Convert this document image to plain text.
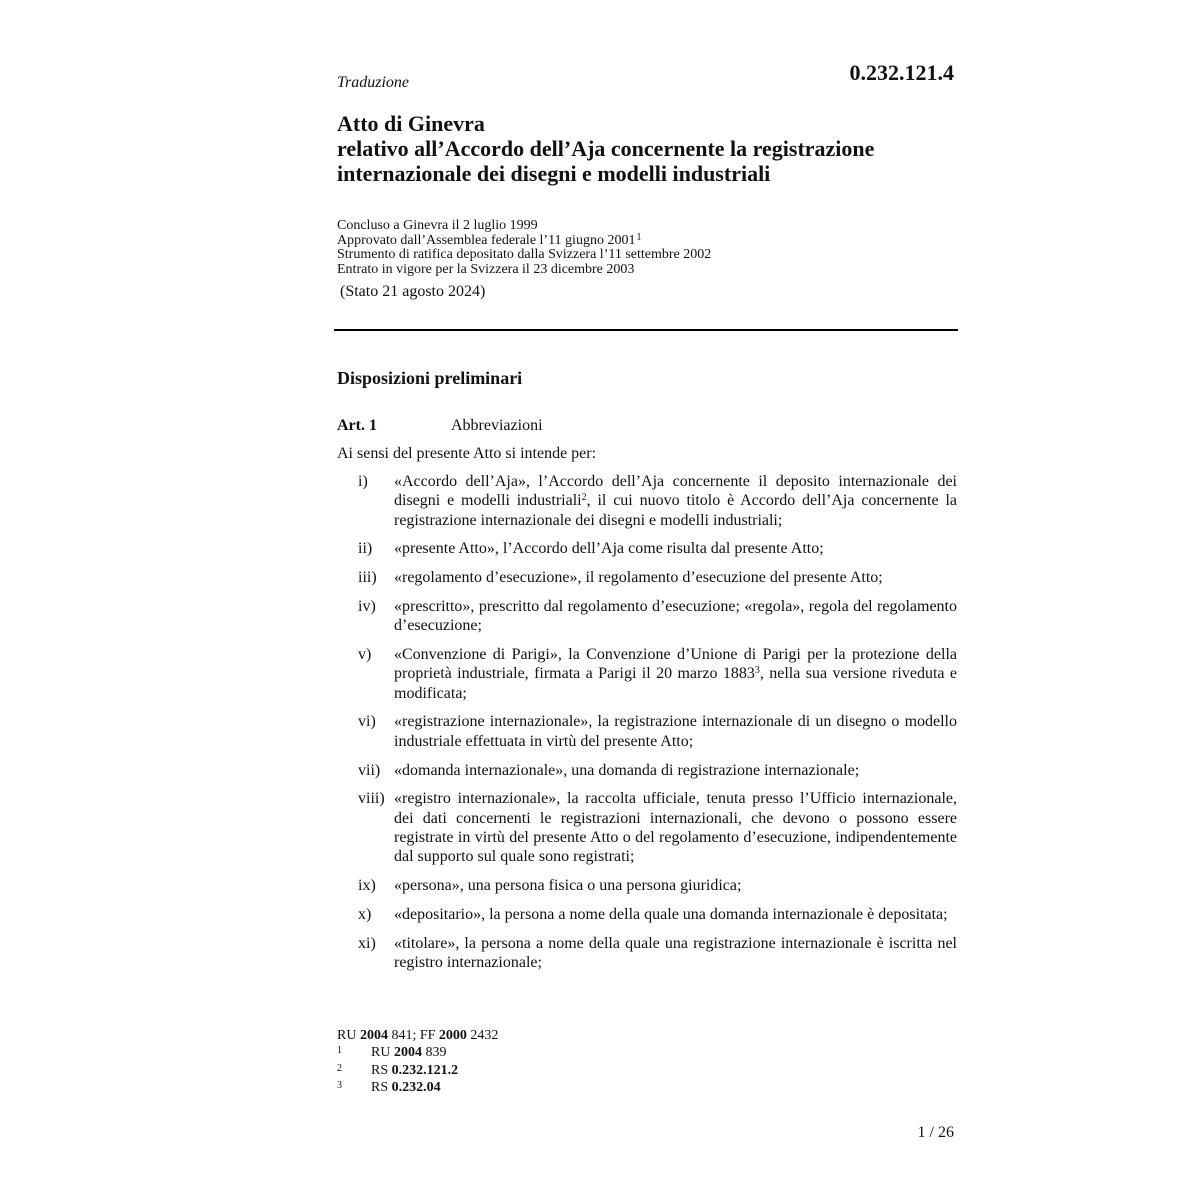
Traduzione	0.232.121.4
Atto di Ginevra
relativo all’Accordo dell’Aja concernente la registrazione
internazionale dei disegni e modelli industriali
Concluso a Ginevra il 2 luglio 1999
Approvato dall’Assemblea federale l’11 giugno 2001$^1$
Strumento di ratifica depositato dalla Svizzera l’11 settembre 2002
Entrato in vigore per la Svizzera il 23 dicembre 2003
(Stato 21 agosto 2024)
Disposizioni preliminari
Art. 1	Abbreviazioni
Ai sensi del presente Atto si intende per:
i)	«Accordo dell’Aja», l’Accordo dell’Aja concernente il deposito internazionale dei disegni e modelli industriali$^2$, il cui nuovo titolo è Accordo dell’Aja concernente la registrazione internazionale dei disegni e modelli industriali;
ii)	«presente Atto», l’Accordo dell’Aja come risulta dal presente Atto;
iii)	«regolamento d’esecuzione», il regolamento d’esecuzione del presente Atto;
iv)	«prescritto», prescritto dal regolamento d’esecuzione; «regola», regola del regolamento d’esecuzione;
v)	«Convenzione di Parigi», la Convenzione d’Unione di Parigi per la protezione della proprietà industriale, firmata a Parigi il 20 marzo 1883$^3$, nella sua versione riveduta e modificata;
vi)	«registrazione internazionale», la registrazione internazionale di un disegno o modello industriale effettuata in virtù del presente Atto;
vii) «domanda internazionale», una domanda di registrazione internazionale;
viii) «registro internazionale», la raccolta ufficiale, tenuta presso l’Ufficio internazionale, dei dati concernenti le registrazioni internazionali, che devono o possono essere registrate in virtù del presente Atto o del regolamento d’esecuzione, indipendentemente dal supporto sul quale sono registrati;
ix)	«persona», una persona fisica o una persona giuridica;
x)	«depositario», la persona a nome della quale una domanda internazionale è depositata;
xi)	«titolare», la persona a nome della quale una registrazione internazionale è iscritta nel registro internazionale;
RU 2004 841; FF 2000 2432
1	RU 2004 839
2	RS 0.232.121.2
3	RS 0.232.04
1 / 26
